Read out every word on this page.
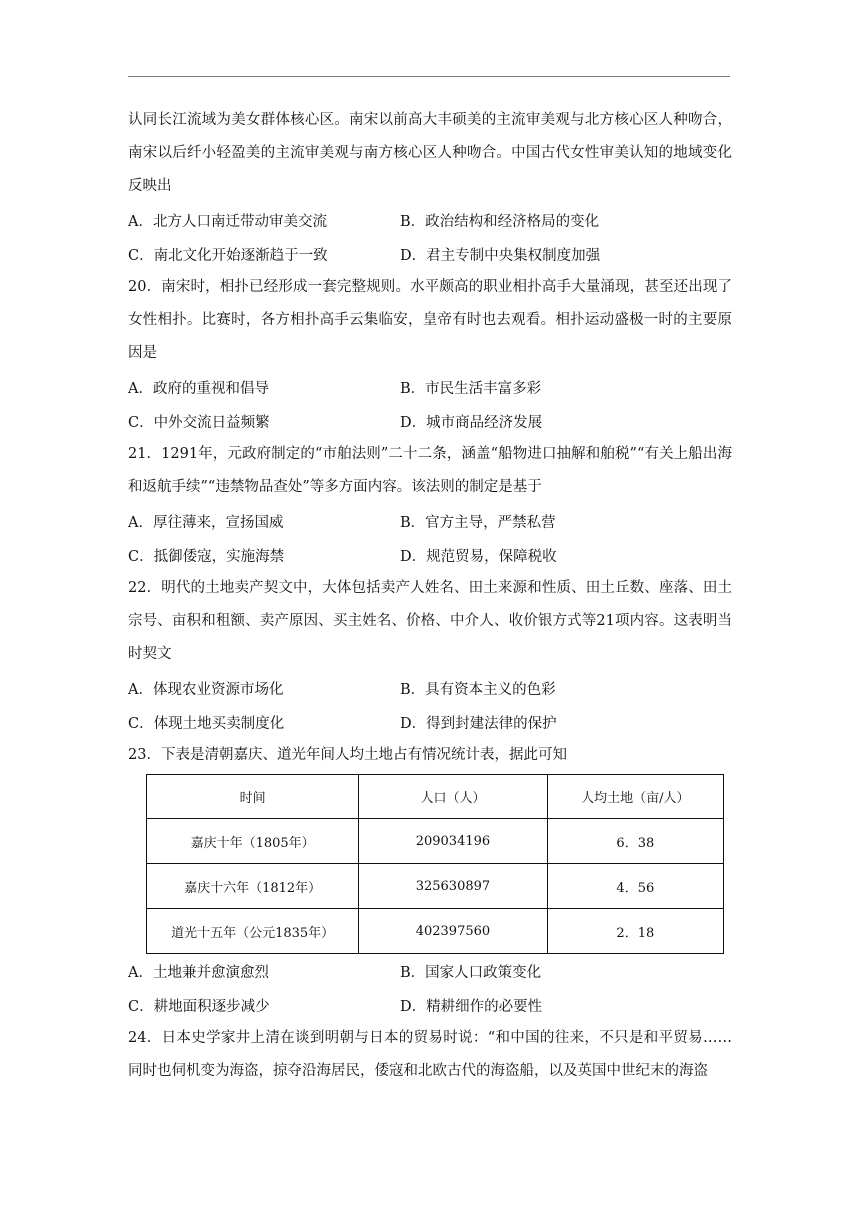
认同长江流域为美女群体核心区。南宋以前高大丰硕美的主流审美观与北方核心区人种吻合，南宋以后纤小轻盈美的主流审美观与南方核心区人种吻合。中国古代女性审美认知的地域变化反映出

A．北方人口南迁带动审美交流	B．政治结构和经济格局的变化
C．南北文化开始逐渐趋于一致	D．君主专制中央集权制度加强

20．南宋时，相扑已经形成一套完整规则。水平颇高的职业相扑高手大量涌现，甚至还出现了女性相扑。比赛时，各方相扑高手云集临安，皇帝有时也去观看。相扑运动盛极一时的主要原因是

A．政府的重视和倡导	B．市民生活丰富多彩
C．中外交流日益频繁	D．城市商品经济发展

21．1291年，元政府制定的“市舶法则”二十二条，涵盖“船物进口抽解和舶税”“有关上船出海和返航手续”“违禁物品查处”等多方面内容。该法则的制定是基于

A．厚往薄来，宣扬国威	B．官方主导，严禁私营
C．抵御倭寇，实施海禁	D．规范贸易，保障税收

22．明代的土地卖产契文中，大体包括卖产人姓名、田土来源和性质、田土丘数、座落、田土宗号、亩积和租额、卖产原因、买主姓名、价格、中介人、收价银方式等21项内容。这表明当时契文

A．体现农业资源市场化	B．具有资本主义的色彩
C．体现土地买卖制度化	D．得到封建法律的保护

23．下表是清朝嘉庆、道光年间人均土地占有情况统计表，据此可知

时间	人口（人）	人均土地（亩/人）
嘉庆十年（1805年）	209034196	6．38
嘉庆十六年（1812年）	325630897	4．56
道光十五年（公元1835年）	402397560	2．18
A．土地兼并愈演愈烈	B．国家人口政策变化
C．耕地面积逐步减少	D．精耕细作的必要性

24．日本史学家井上清在谈到明朝与日本的贸易时说：“和中国的往来，不只是和平贸易……同时也伺机变为海盗，掠夺沿海居民，倭寇和北欧古代的海盗船，以及英国中世纪末的海盗
